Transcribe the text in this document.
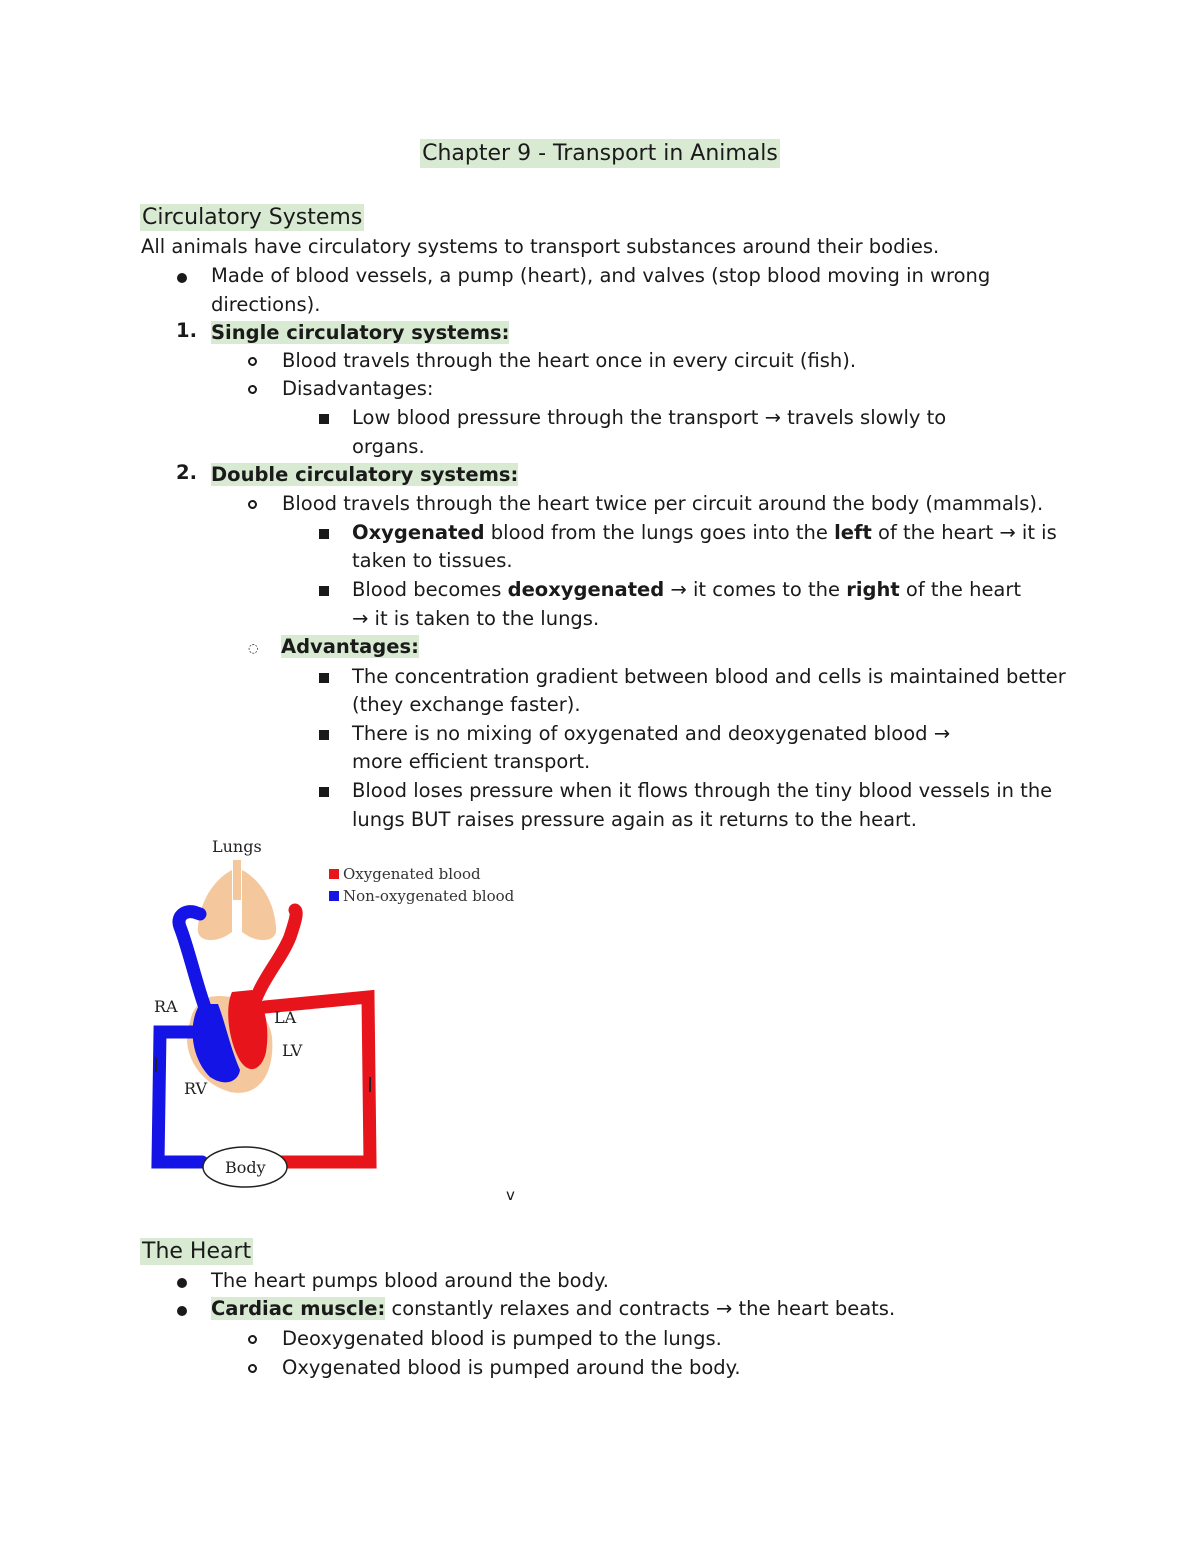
Chapter 9 - Transport in Animals
Circulatory Systems
All animals have circulatory systems to transport substances around their bodies.
Made of blood vessels, a pump (heart), and valves (stop blood moving in wrong
directions).
1. Single circulatory systems:
Blood travels through the heart once in every circuit (fish).
Disadvantages:
Low blood pressure through the transport → travels slowly to
organs.
2. Double circulatory systems:
Blood travels through the heart twice per circuit around the body (mammals).
Oxygenated blood from the lungs goes into the left of the heart → it is
taken to tissues.
Blood becomes deoxygenated → it comes to the right of the heart
→ it is taken to the lungs.
◌ Advantages:
The concentration gradient between blood and cells is maintained better
(they exchange faster).
There is no mixing of oxygenated and deoxygenated blood →
more efficient transport.
Blood loses pressure when it flows through the tiny blood vessels in the
lungs BUT raises pressure again as it returns to the heart.
Lungs
Oxygenated blood
Non-oxygenated blood
RA
LA
LV
RV
Body
v
The Heart
The heart pumps blood around the body.
Cardiac muscle: constantly relaxes and contracts → the heart beats.
Deoxygenated blood is pumped to the lungs.
Oxygenated blood is pumped around the body.
